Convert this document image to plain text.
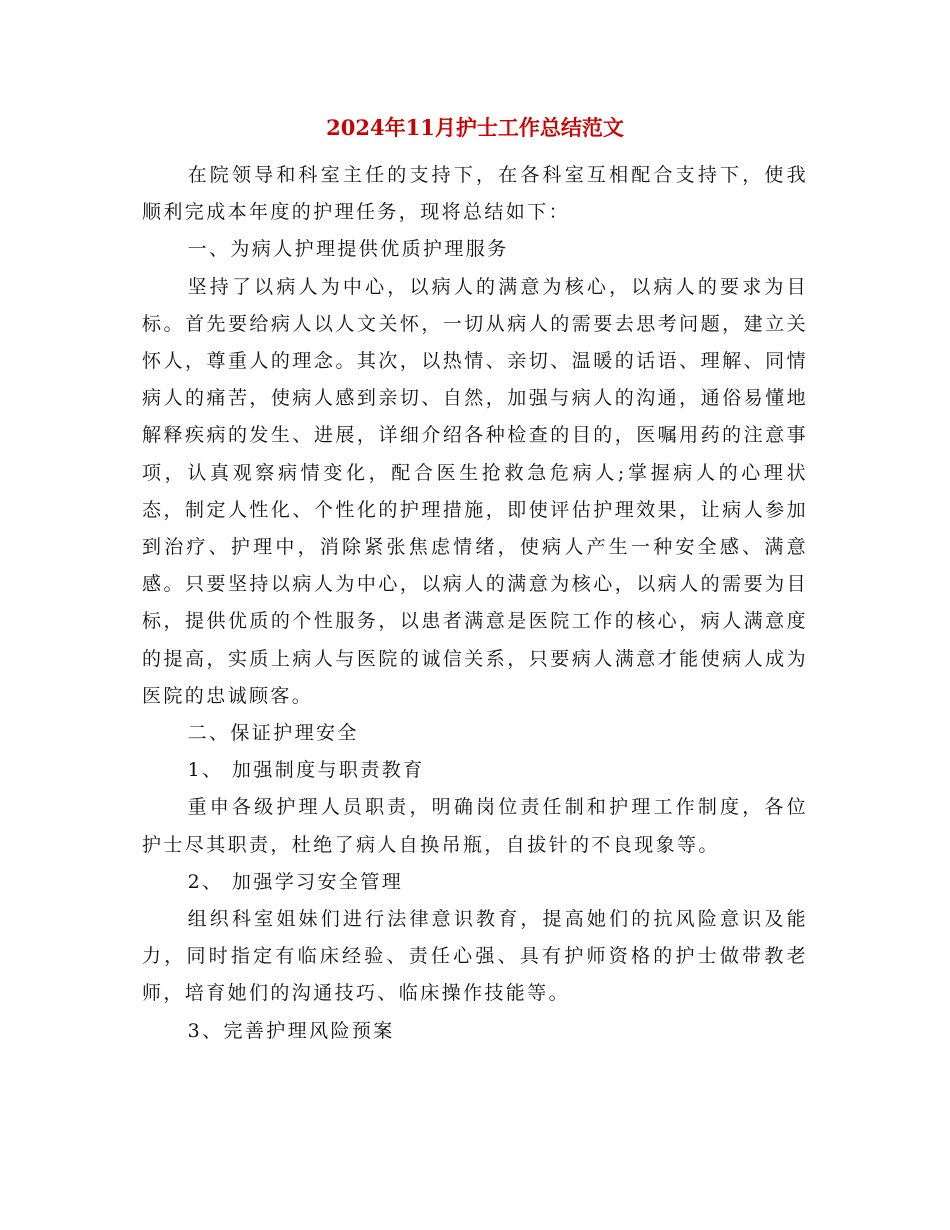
2024年11月护士工作总结范文

在院领导和科室主任的支持下，在各科室互相配合支持下，使我顺利完成本年度的护理任务，现将总结如下：

一、为病人护理提供优质护理服务

坚持了以病人为中心，以病人的满意为核心，以病人的要求为目标。首先要给病人以人文关怀，一切从病人的需要去思考问题，建立关怀人，尊重人的理念。其次，以热情、亲切、温暖的话语、理解、同情病人的痛苦，使病人感到亲切、自然，加强与病人的沟通，通俗易懂地解释疾病的发生、进展，详细介绍各种检查的目的，医嘱用药的注意事项，认真观察病情变化，配合医生抢救急危病人;掌握病人的心理状态，制定人性化、个性化的护理措施，即使评估护理效果，让病人参加到治疗、护理中，消除紧张焦虑情绪，使病人产生一种安全感、满意感。只要坚持以病人为中心，以病人的满意为核心，以病人的需要为目标，提供优质的个性服务，以患者满意是医院工作的核心，病人满意度的提高，实质上病人与医院的诚信关系，只要病人满意才能使病人成为医院的忠诚顾客。

二、保证护理安全

1、 加强制度与职责教育

重申各级护理人员职责，明确岗位责任制和护理工作制度，各位护士尽其职责，杜绝了病人自换吊瓶，自拔针的不良现象等。

2、 加强学习安全管理

组织科室姐妹们进行法律意识教育，提高她们的抗风险意识及能力，同时指定有临床经验、责任心强、具有护师资格的护士做带教老师，培育她们的沟通技巧、临床操作技能等。

3、完善护理风险预案
